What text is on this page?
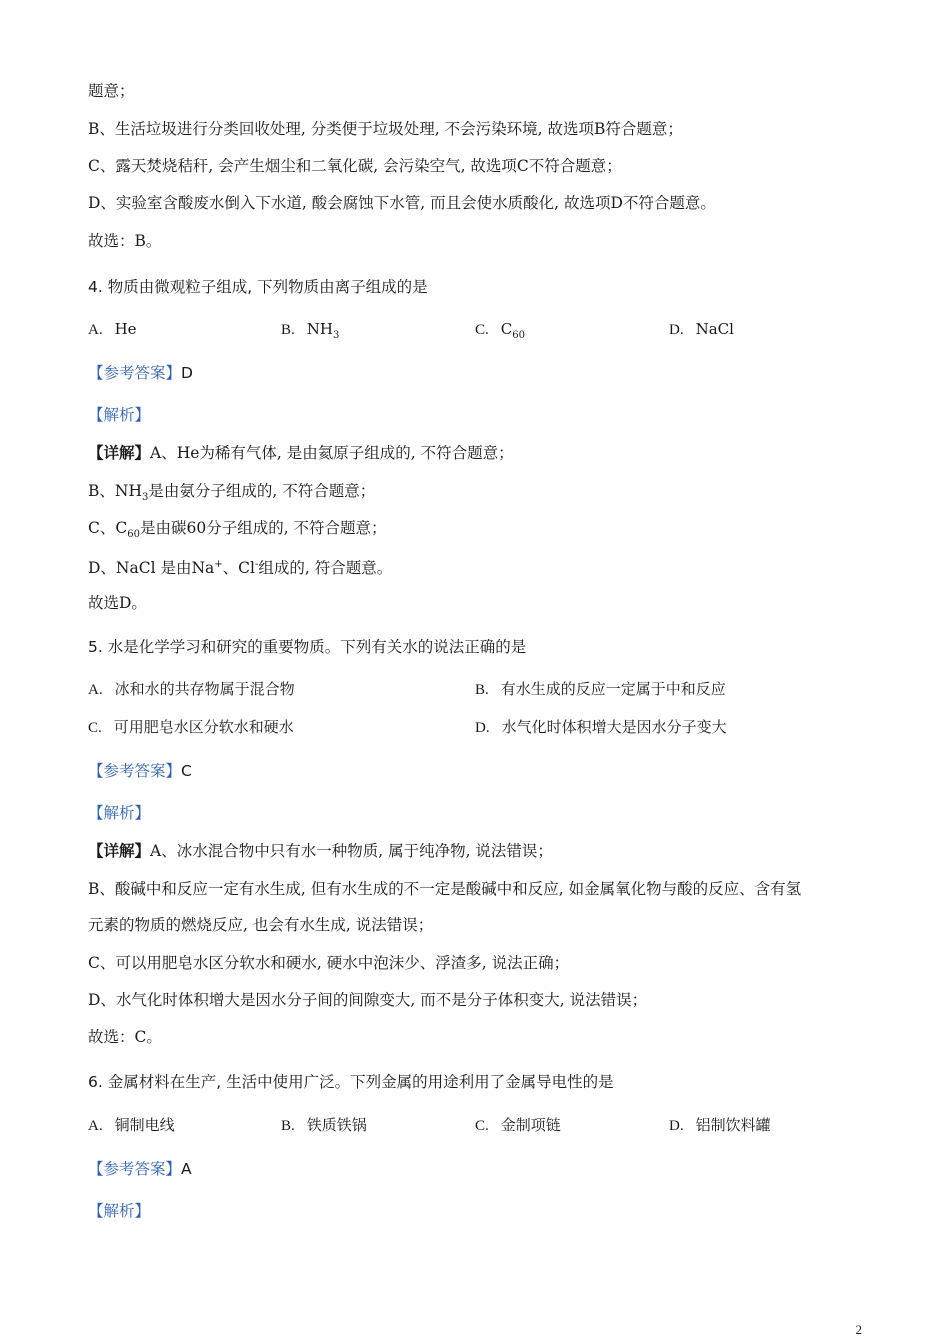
题意；
B、生活垃圾进行分类回收处理, 分类便于垃圾处理, 不会污染环境, 故选项B符合题意；
C、露天焚烧秸秆, 会产生烟尘和二氧化碳, 会污染空气, 故选项C不符合题意；
D、实验室含酸废水倒入下水道, 酸会腐蚀下水管, 而且会使水质酸化, 故选项D不符合题意。
故选：B。
4. 物质由微观粒子组成, 下列物质由离子组成的是
A. He	B. $NH_3$	C. $C_{60}$	D. NaCl
【参考答案】D
【解析】
【详解】A、He为稀有气体, 是由氦原子组成的, 不符合题意；
B、$NH_3$是由氨分子组成的, 不符合题意；
C、$C_{60}$是由碳60分子组成的, 不符合题意；
D、NaCl 是由Na+、Cl-组成的, 符合题意。
故选D。
5. 水是化学学习和研究的重要物质。下列有关水的说法正确的是
A. 冰和水的共存物属于混合物	B. 有水生成的反应一定属于中和反应
C. 可用肥皂水区分软水和硬水	D. 水气化时体积增大是因水分子变大
【参考答案】C
【解析】
【详解】A、冰水混合物中只有水一种物质, 属于纯净物, 说法错误；
B、酸碱中和反应一定有水生成, 但有水生成的不一定是酸碱中和反应, 如金属氧化物与酸的反应、含有氢
元素的物质的燃烧反应, 也会有水生成, 说法错误；
C、可以用肥皂水区分软水和硬水, 硬水中泡沫少、浮渣多, 说法正确；
D、水气化时体积增大是因水分子间的间隙变大, 而不是分子体积变大, 说法错误；
故选：C。
6. 金属材料在生产, 生活中使用广泛。下列金属的用途利用了金属导电性的是
A. 铜制电线	B. 铁质铁锅	C. 金制项链	D. 铝制饮料罐
【参考答案】A
【解析】
2
